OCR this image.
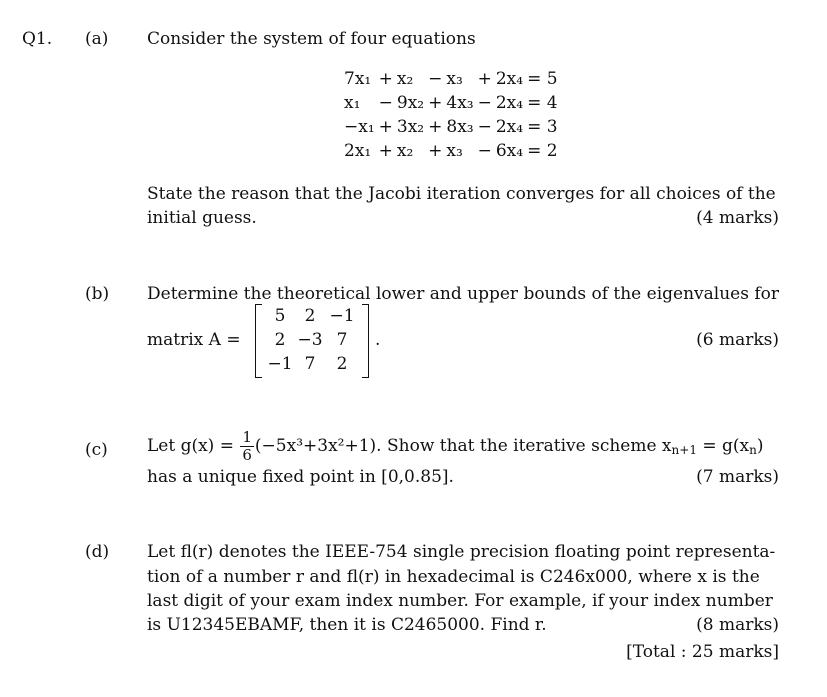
Q1. (a) Consider the system of four equations
7x₁	+	x₂	−	x₃	+	2x₄	= 5
x₁	−	9x₂	+	4x₃	−	2x₄	= 4
−x₁	+	3x₂	+	8x₃	−	2x₄	= 3
2x₁	+	x₂	+	x₃	−	6x₄	= 2
State the reason that the Jacobi iteration converges for all choices of the
initial guess.	(4 marks)
(b) Determine the theoretical lower and upper bounds of the eigenvalues for
matrix A =
5	2 −1
2 −3 7
−1 7	2
.	(6 marks)
(c) Let $g(x) = \frac{1}{6} (-5x^3+3x^2+1)$. Show that the iterative scheme $x_{n+1} = g(x_n)$
has a unique fixed point in [0,0.85].	(7 marks)
(d) Let fl(r) denotes the IEEE-754 single precision floating point representa-
tion of a number r and fl(r) in hexadecimal is C246x000, where x is the
last digit of your exam index number. For example, if your index number
is U12345EBAMF, then it is C2465000. Find r.	(8 marks)
[Total : 25 marks]
